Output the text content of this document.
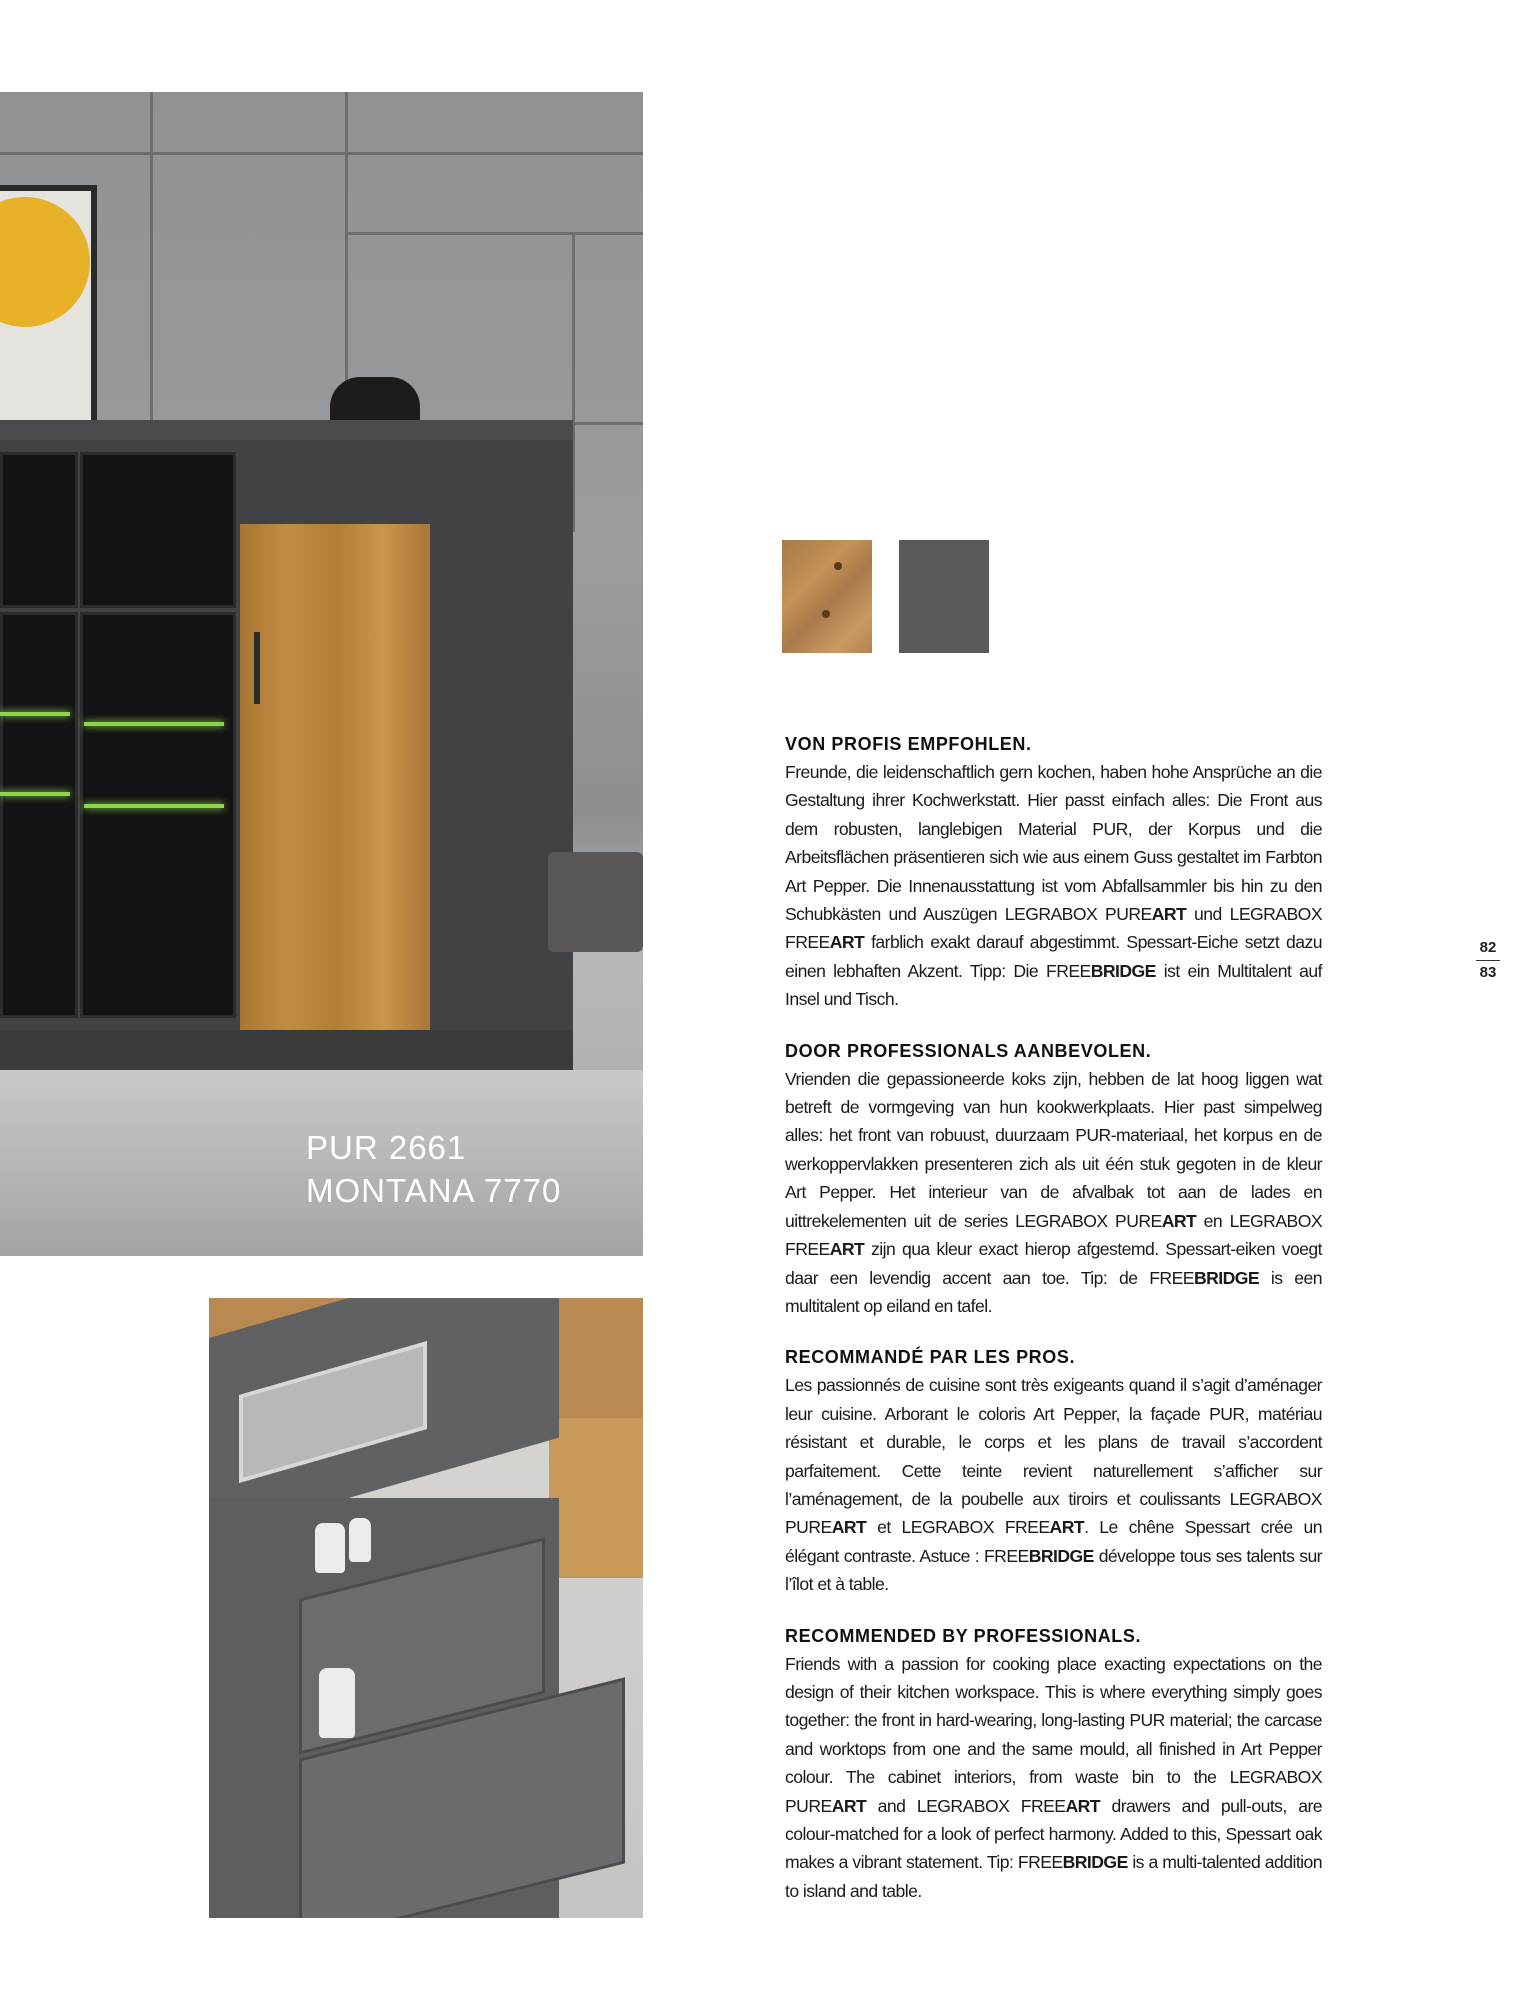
PUR 2661
MONTANA 7770
VON PROFIS EMPFOHLEN.

Freunde, die leidenschaftlich gern kochen, haben hohe Ansprüche an die Gestaltung ihrer Kochwerkstatt. Hier passt einfach alles: Die Front aus dem robusten, langlebigen Material PUR, der Korpus und die Arbeitsflächen präsentieren sich wie aus einem Guss gestaltet im Farbton Art Pepper. Die Innenausstattung ist vom Abfallsammler bis hin zu den Schubkästen und Auszügen LEGRABOX PUREART und LEGRABOX FREEART farblich exakt darauf abgestimmt. Spessart-Eiche setzt dazu einen lebhaften Akzent. Tipp: Die FREEBRIDGE ist ein Multitalent auf Insel und Tisch.

DOOR PROFESSIONALS AANBEVOLEN.

Vrienden die gepassioneerde koks zijn, hebben de lat hoog liggen wat betreft de vormgeving van hun kookwerkplaats. Hier past simpelweg alles: het front van robuust, duurzaam PUR-materiaal, het korpus en de werkoppervlakken presenteren zich als uit één stuk gegoten in de kleur Art Pepper. Het interieur van de afvalbak tot aan de lades en uittrekelementen uit de series LEGRABOX PUREART en LEGRABOX FREEART zijn qua kleur exact hierop afgestemd. Spessart-eiken voegt daar een levendig accent aan toe. Tip: de FREEBRIDGE is een multitalent op eiland en tafel.

RECOMMANDÉ PAR LES PROS.

Les passionnés de cuisine sont très exigeants quand il s’agit d’aménager leur cuisine. Arborant le coloris Art Pepper, la façade PUR, matériau résistant et durable, le corps et les plans de travail s’accordent parfaitement. Cette teinte revient naturellement s’afficher sur l’aménagement, de la poubelle aux tiroirs et coulissants LEGRABOX PUREART et LEGRABOX FREEART. Le chêne Spessart crée un élégant contraste. Astuce : FREEBRIDGE développe tous ses talents sur l’îlot et à table.

RECOMMENDED BY PROFESSIONALS.

Friends with a passion for cooking place exacting expectations on the design of their kitchen workspace. This is where everything simply goes together: the front in hard-wearing, long-lasting PUR material; the carcase and worktops from one and the same mould, all finished in Art Pepper colour. The cabinet interiors, from waste bin to the LEGRABOX PUREART and LEGRABOX FREEART drawers and pull-outs, are colour-matched for a look of perfect harmony. Added to this, Spessart oak makes a vibrant statement. Tip: FREEBRIDGE is a multi-talented addition to island and table.

82
83
